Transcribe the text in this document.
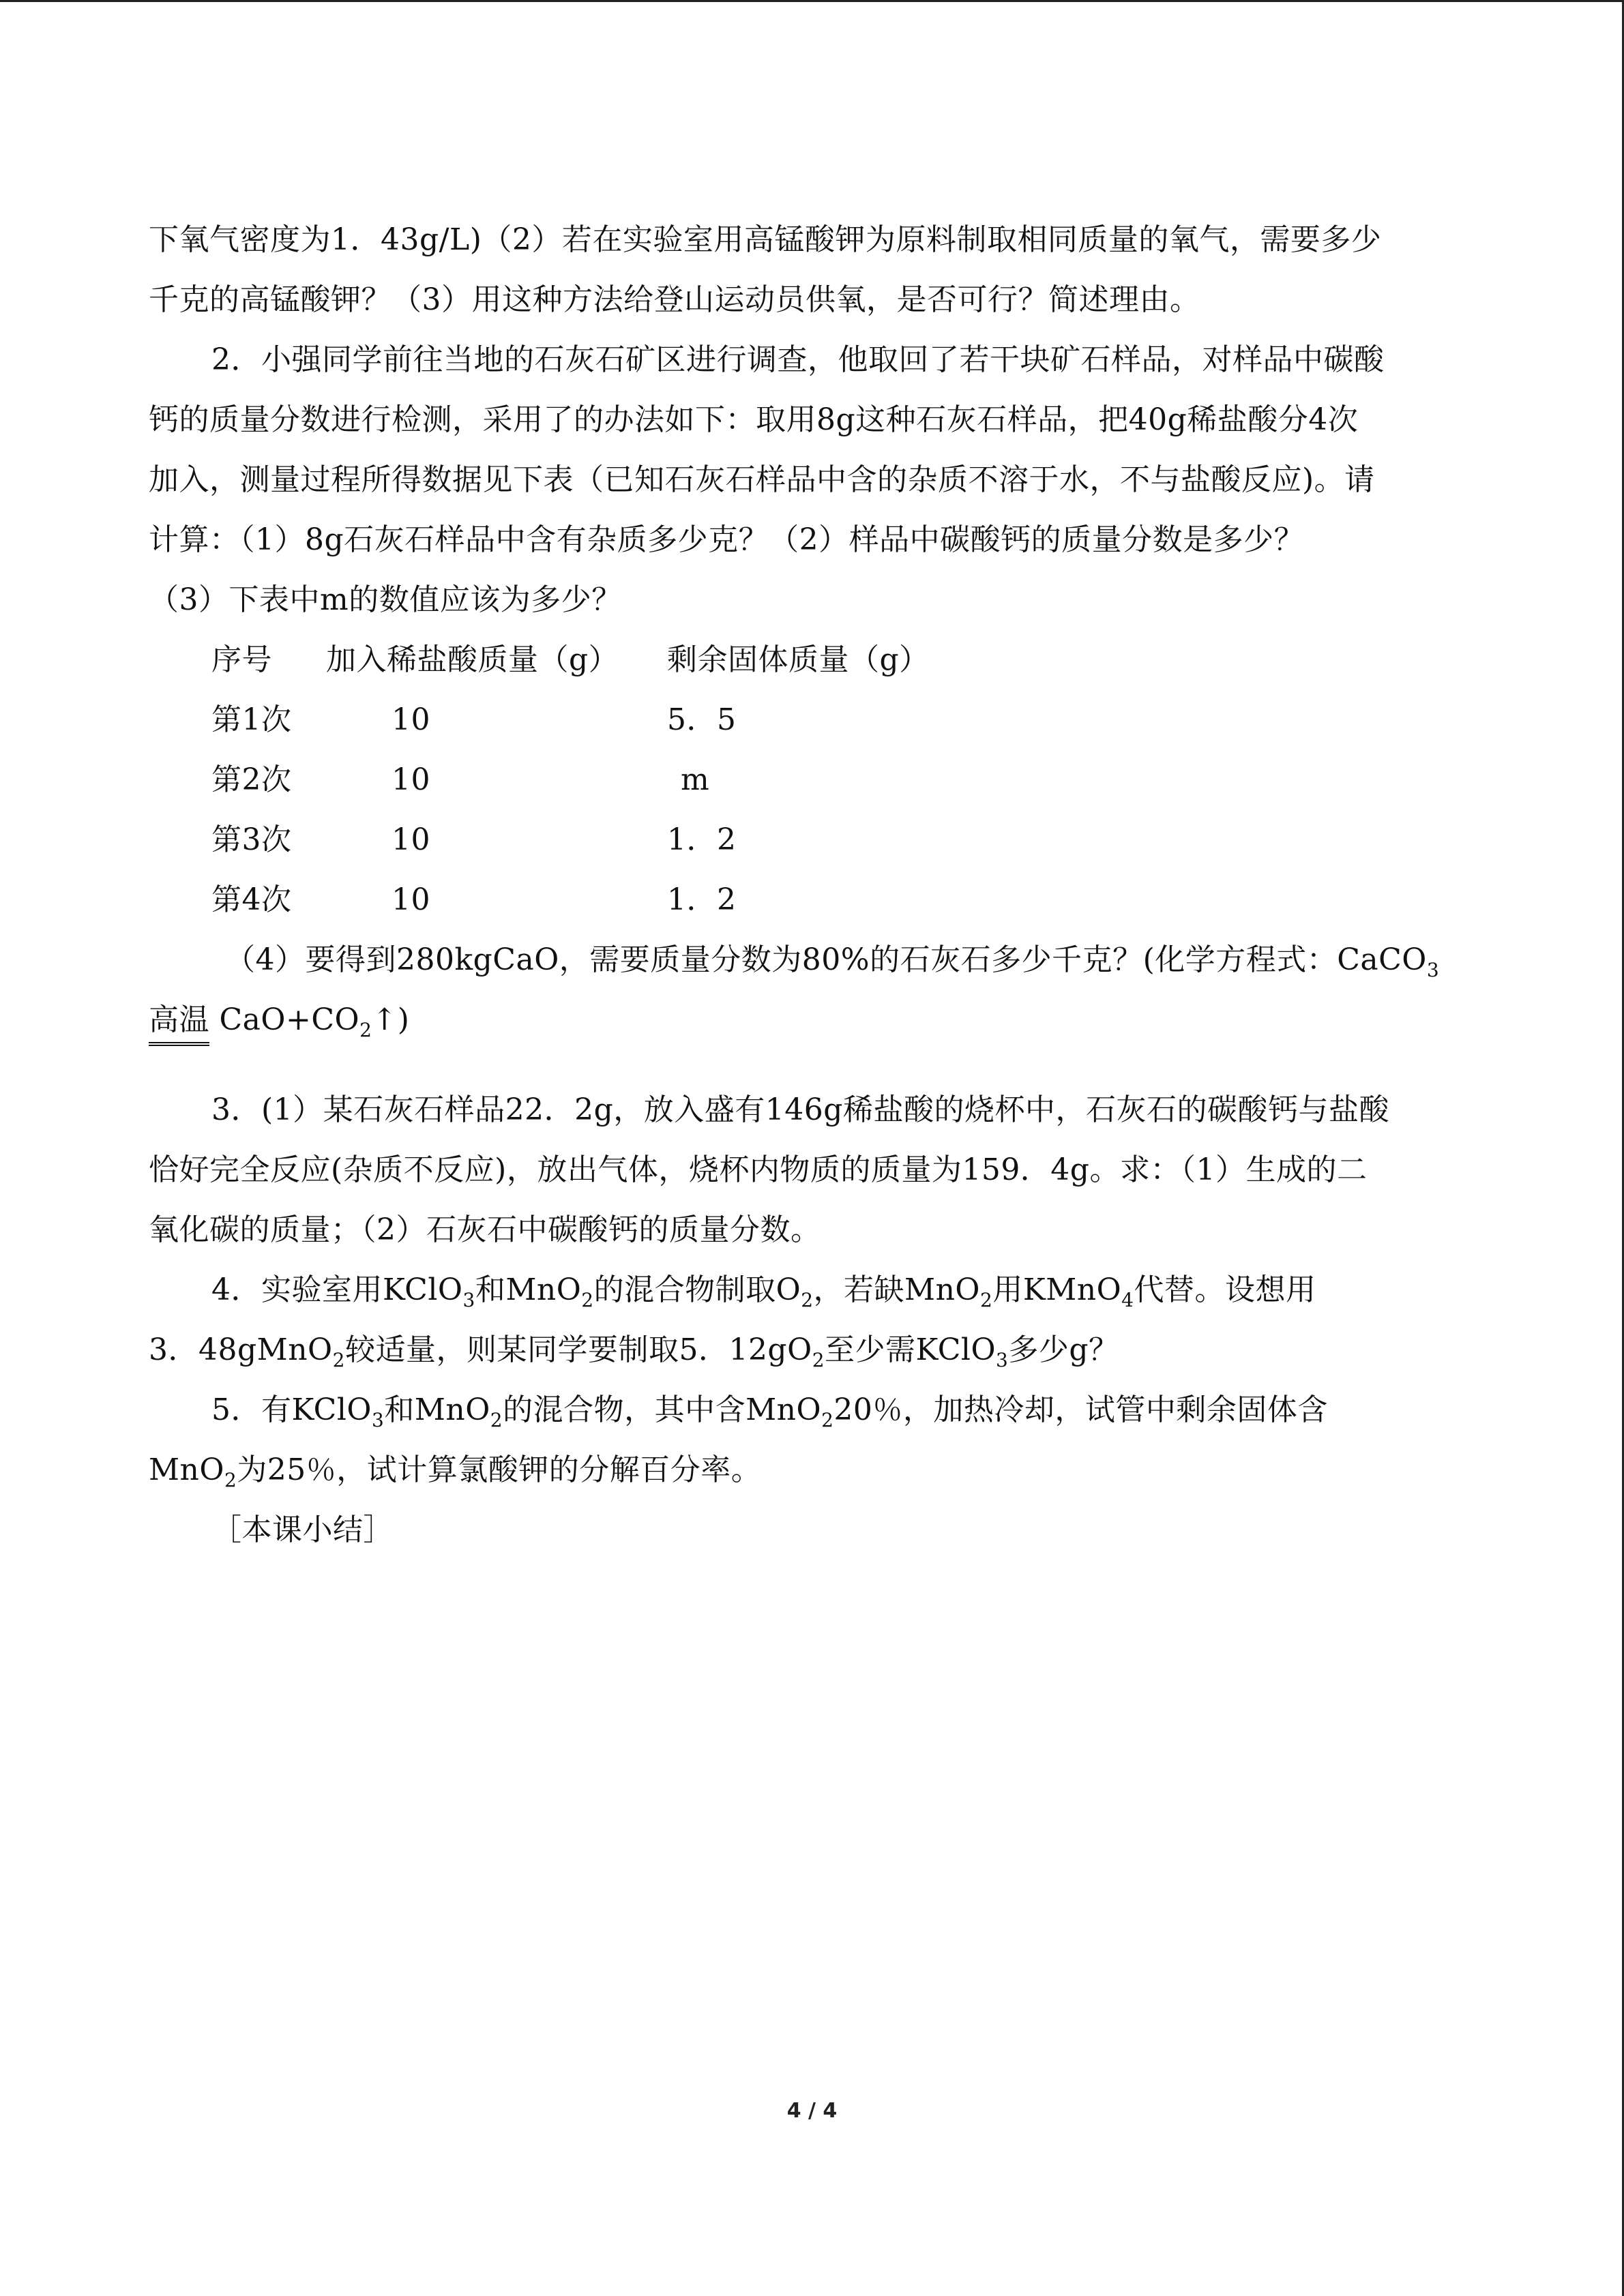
下氧气密度为1．43g/L)（2）若在实验室用高锰酸钾为原料制取相同质量的氧气，需要多少

千克的高锰酸钾？（3）用这种方法给登山运动员供氧，是否可行？简述理由。

2．小强同学前往当地的石灰石矿区进行调查，他取回了若干块矿石样品，对样品中碳酸

钙的质量分数进行检测，采用了的办法如下：取用8g这种石灰石样品，把40g稀盐酸分4次

加入，测量过程所得数据见下表（已知石灰石样品中含的杂质不溶于水，不与盐酸反应)。请

计算：（1）8g石灰石样品中含有杂质多少克？（2）样品中碳酸钙的质量分数是多少？

（3）下表中m的数值应该为多少？

序号	加入稀盐酸质量（g）	剩余固体质量（g）
第1次	10	5．5
第2次	10	m
第3次	10	1．2
第4次	10	1．2

（4）要得到280kgCaO，需要质量分数为80%的石灰石多少千克？(化学方程式：CaCO$_3$

高温 $CaO+CO_2↑$)

3．(1）某石灰石样品22．2g，放入盛有146g稀盐酸的烧杯中，石灰石的碳酸钙与盐酸

恰好完全反应(杂质不反应)，放出气体，烧杯内物质的质量为159．4g。求：（1）生成的二

氧化碳的质量；（2）石灰石中碳酸钙的质量分数。

4．实验室用KClO$_3$和MnO$_2$的混合物制取$O_2$，若缺MnO$_2$用KMnO$_4$代替。设想用

3．48gMnO$_2$较适量，则某同学要制取5．$12gO_2$至少需KClO$_3$多少g？

5．有KClO$_3$和MnO$_2$的混合物，其中含MnO$_2$20％，加热冷却，试管中剩余固体含

MnO$_2$为25％，试计算氯酸钾的分解百分率。

［本课小结］

4 / 4
